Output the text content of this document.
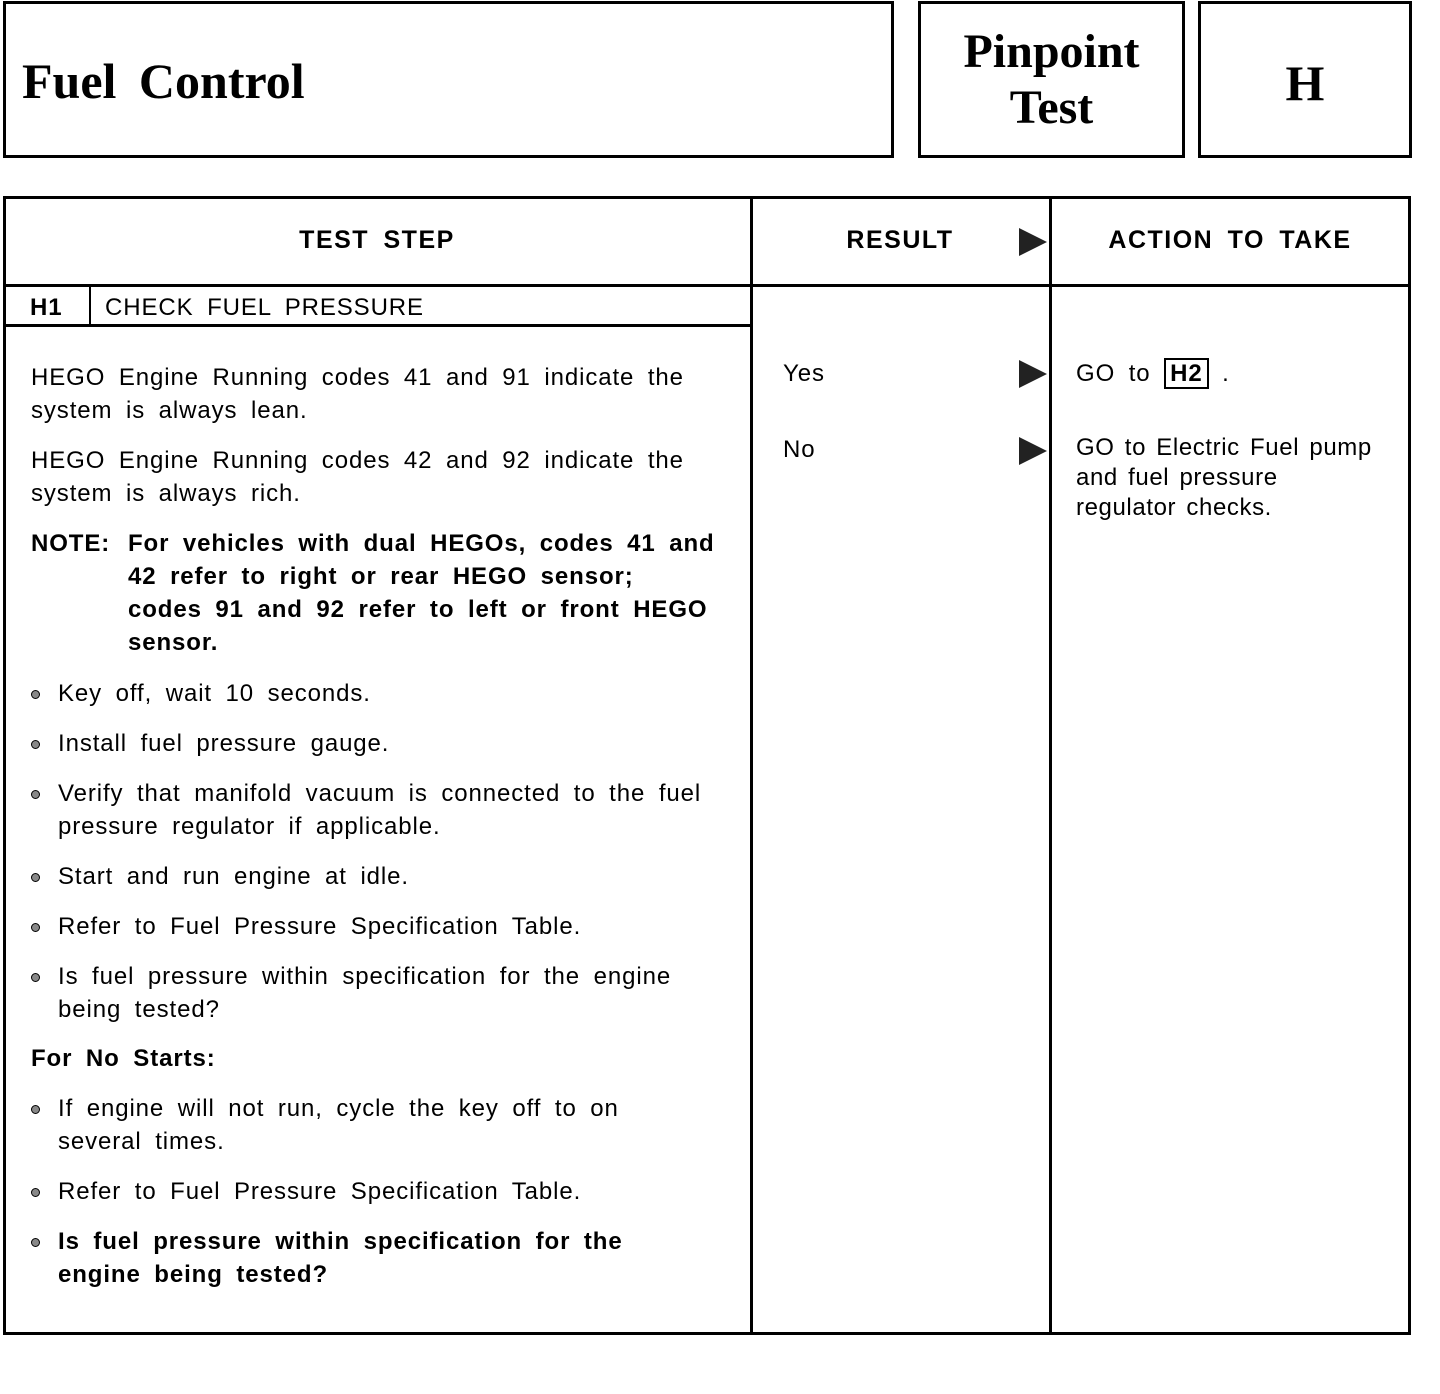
Fuel Control
Pinpoint
Test	H
TEST STEP	RESULT	ACTION TO TAKE
H1 CHECK FUEL PRESSURE
HEGO Engine Running codes 41 and 91 indicate the system is always lean.
HEGO Engine Running codes 42 and 92 indicate the system is always rich.
NOTE: For vehicles with dual HEGOs, codes 41 and 42 refer to right or rear HEGO sensor; codes 91 and 92 refer to left or front HEGO sensor.
Key off, wait 10 seconds.
Install fuel pressure gauge.
Verify that manifold vacuum is connected to the fuel pressure regulator if applicable.
Start and run engine at idle.
Refer to Fuel Pressure Specification Table.
Is fuel pressure within specification for the engine being tested?
For No Starts:
If engine will not run, cycle the key off to on several times.
Refer to Fuel Pressure Specification Table.
Is fuel pressure within specification for the engine being tested?
Yes	GO to H2 .
No	GO to Electric Fuel pump and fuel pressure regulator checks.
